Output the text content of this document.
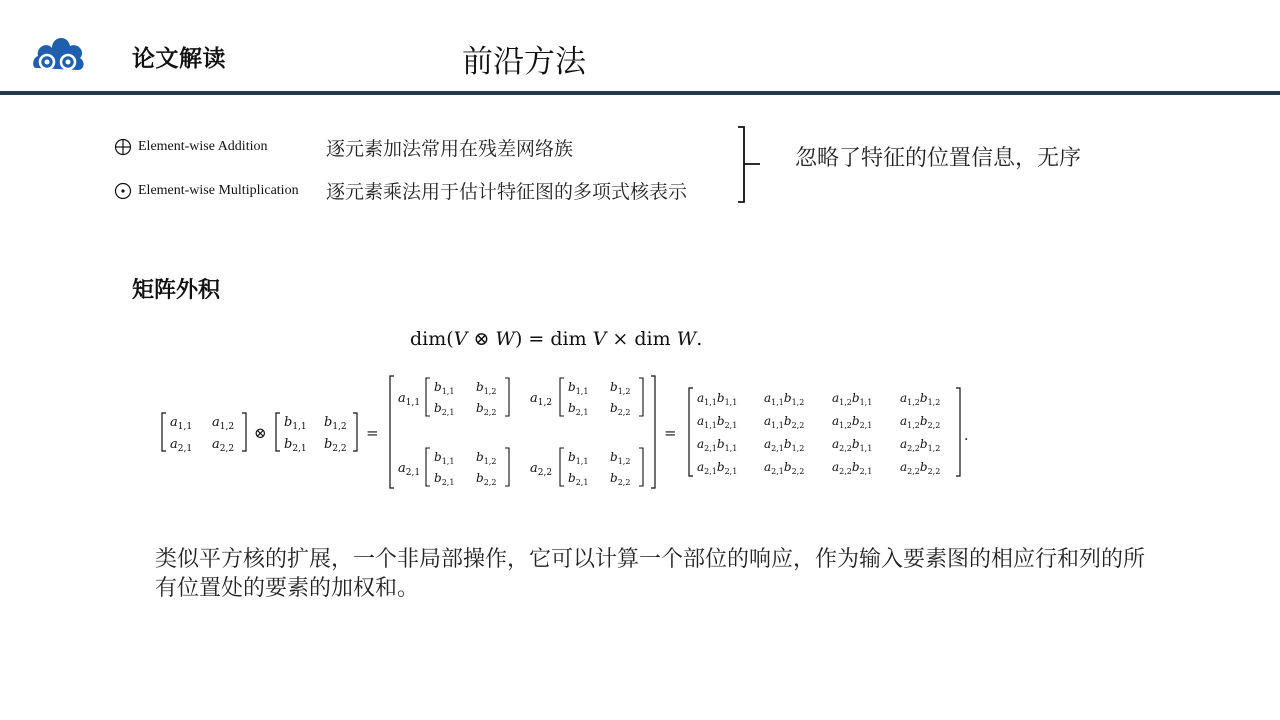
论文解读	前沿方法
Element-wise Addition	逐元素加法常用在残差网络族
Element-wise Multiplication 逐元素乘法用于估计特征图的多项式核表示
忽略了特征的位置信息，无序
矩阵外积
dim(V ⊗ W) = dim V × dim W.
$a_{1,1}$ $a_{1,2}$
$a_{2,1}$ $a_{2,2}$
⊗
$b_{1,1}$ $b_{1,2}$
$b_{2,1}$ $b_{2,2}$
=
$a_{1,1}$
$b_{1,1}$ $b_{1,2}$
$b_{2,1}$ $b_{2,2}$
$a_{1,2}$
$b_{1,1}$ $b_{1,2}$
$b_{2,1}$ $b_{2,2}$
$a_{2,1}$
$b_{1,1}$ $b_{1,2}$
$b_{2,1}$ $b_{2,2}$
$a_{2,2}$
$b_{1,1}$ $b_{1,2}$
$b_{2,1}$ $b_{2,2}$
=
$a_{1,1}b_{1,1}$ $a_{1,1}b_{1,2}$ $a_{1,2}b_{1,1}$ $a_{1,2}b_{1,2}$
$a_{1,1}b_{2,1}$ $a_{1,1}b_{2,2}$ $a_{1,2}b_{2,1}$ $a_{1,2}b_{2,2}$
$a_{2,1}b_{1,1}$ $a_{2,1}b_{1,2}$ $a_{2,2}b_{1,1}$ $a_{2,2}b_{1,2}$
$a_{2,1}b_{2,1}$ $a_{2,1}b_{2,2}$ $a_{2,2}b_{2,1}$ $a_{2,2}b_{2,2}$
.
类似平方核的扩展，一个非局部操作，它可以计算一个部位的响应，作为输入要素图的相应行和列的所有位置处的要素的加权和。
